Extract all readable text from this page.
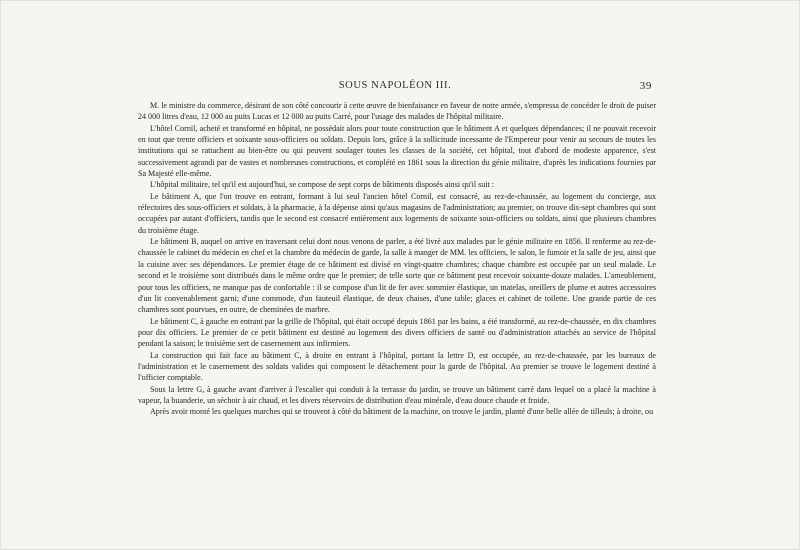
SOUS NAPOLÉON III.	39

M. le ministre du commerce, désirant de son côté concourir à cette œuvre de bienfaisance en faveur de notre armée, s'empressa de concéder le droit de puiser 24 000 litres d'eau, 12 000 au puits Lucas et 12 000 au puits Carré, pour l'usage des malades de l'hôpital militaire.

L'hôtel Cornil, acheté et transformé en hôpital, ne possédait alors pour toute construction que le bâtiment A et quelques dépendances; il ne pouvait recevoir en tout que trente officiers et soixante sous-officiers ou soldats. Depuis lors, grâce à la sollicitude incessante de l'Empereur pour venir au secours de toutes les institutions qui se rattachent au bien-être ou qui peuvent soulager toutes les classes de la société, cet hôpital, tout d'abord de modeste apparence, s'est successivement agrandi par de vastes et nombreuses constructions, et complété en 1861 sous la direction du génie militaire, d'après les indications fournies par Sa Majesté elle-même.

L'hôpital militaire, tel qu'il est aujourd'hui, se compose de sept corps de bâtiments disposés ainsi qu'il suit :

Le bâtiment A, que l'on trouve en entrant, formant à lui seul l'ancien hôtel Cornil, est consacré, au rez-de-chaussée, au logement du concierge, aux réfectoires des sous-officiers et soldats, à la pharmacie, à la dépense ainsi qu'aux magasins de l'administration; au premier, on trouve dix-sept chambres qui sont occupées par autant d'officiers, tandis que le second est consacré entièrement aux logements de soixante sous-officiers ou soldats, ainsi que plusieurs chambres du troisième étage.

Le bâtiment B, auquel on arrive en traversant celui dont nous venons de parler, a été livré aux malades par le génie militaire en 1856. Il renferme au rez-de-chaussée le cabinet du médecin en chef et la chambre du médecin de garde, la salle à manger de MM. les officiers, le salon, le fumoir et la salle de jeu, ainsi que la cuisine avec ses dépendances. Le premier étage de ce bâtiment est divisé en vingt-quatre chambres; chaque chambre est occupée par un seul malade. Le second et le troisième sont distribués dans le même ordre que le premier; de telle sorte que ce bâtiment peut recevoir soixante-douze malades. L'ameublement, pour tous les officiers, ne manque pas de confortable : il se compose d'un lit de fer avec sommier élastique, un matelas, oreillers de plume et autres accessoires d'un lit convenablement garni; d'une commode, d'un fauteuil élastique, de deux chaises, d'une table; glaces et cabinet de toilette. Une grande partie de ces chambres sont pourvues, en outre, de cheminées de marbre.

Le bâtiment C, à gauche en entrant par la grille de l'hôpital, qui était occupé depuis 1861 par les bains, a été transformé, au rez-de-chaussée, en dix chambres pour dix officiers. Le premier de ce petit bâtiment est destiné au logement des divers officiers de santé ou d'administration attachés au service de l'hôpital pendant la saison; le troisième sert de casernement aux infirmiers.

La construction qui fait face au bâtiment C, à droite en entrant à l'hôpital, portant la lettre D, est occupée, au rez-de-chaussée, par les bureaux de l'administration et le casernement des soldats valides qui composent le détachement pour la garde de l'hôpital. Au premier se trouve le logement destiné à l'officier comptable.

Sous la lettre G, à gauche avant d'arriver à l'escalier qui conduit à la terrasse du jardin, se trouve un bâtiment carré dans lequel on a placé la machine à vapeur, la buanderie, un séchoir à air chaud, et les divers réservoirs de distribution d'eau minérale, d'eau douce chaude et froide.

Après avoir monté les quelques marches qui se trouvent à côté du bâtiment de la machine, on trouve le jardin, planté d'une belle allée de tilleuls; à droite, ou
